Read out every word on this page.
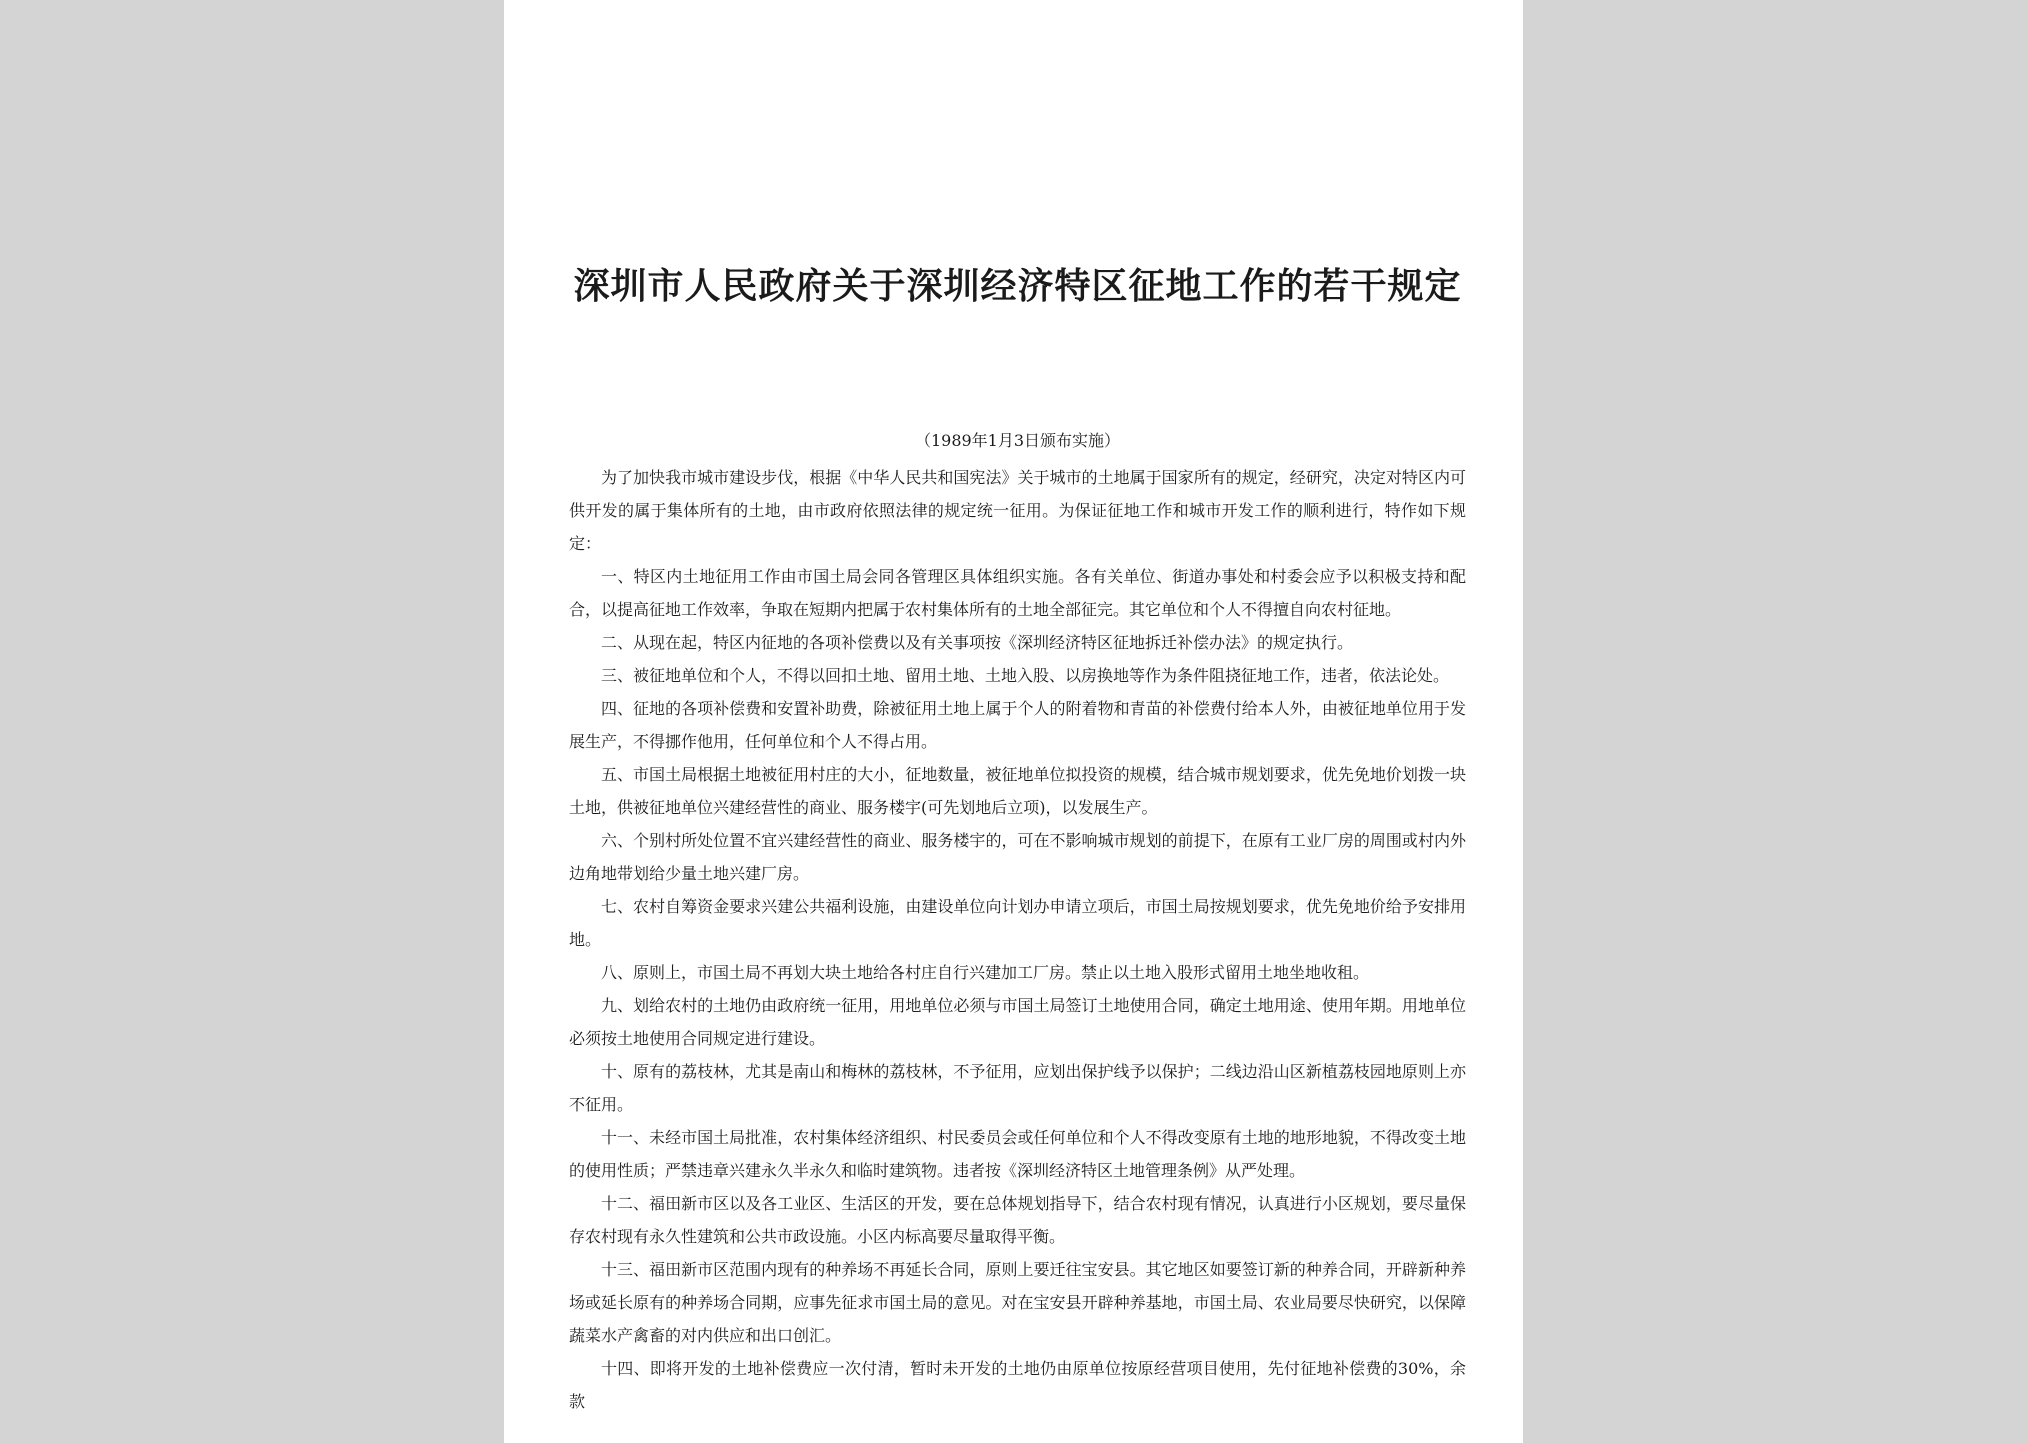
深圳市人民政府关于深圳经济特区征地工作的若干规定
（1989年1月3日颁布实施）

为了加快我市城市建设步伐，根据《中华人民共和国宪法》关于城市的土地属于国家所有的规定，经研究，决定对特区内可供开发的属于集体所有的土地，由市政府依照法律的规定统一征用。为保证征地工作和城市开发工作的顺利进行，特作如下规定：

一、特区内土地征用工作由市国土局会同各管理区具体组织实施。各有关单位、街道办事处和村委会应予以积极支持和配合，以提高征地工作效率，争取在短期内把属于农村集体所有的土地全部征完。其它单位和个人不得擅自向农村征地。

二、从现在起，特区内征地的各项补偿费以及有关事项按《深圳经济特区征地拆迁补偿办法》的规定执行。

三、被征地单位和个人，不得以回扣土地、留用土地、土地入股、以房换地等作为条件阻挠征地工作，违者，依法论处。

四、征地的各项补偿费和安置补助费，除被征用土地上属于个人的附着物和青苗的补偿费付给本人外，由被征地单位用于发展生产，不得挪作他用，任何单位和个人不得占用。

五、市国土局根据土地被征用村庄的大小，征地数量，被征地单位拟投资的规模，结合城市规划要求，优先免地价划拨一块土地，供被征地单位兴建经营性的商业、服务楼宇(可先划地后立项)，以发展生产。

六、个别村所处位置不宜兴建经营性的商业、服务楼宇的，可在不影响城市规划的前提下，在原有工业厂房的周围或村内外边角地带划给少量土地兴建厂房。

七、农村自筹资金要求兴建公共福利设施，由建设单位向计划办申请立项后，市国土局按规划要求，优先免地价给予安排用地。

八、原则上，市国土局不再划大块土地给各村庄自行兴建加工厂房。禁止以土地入股形式留用土地坐地收租。

九、划给农村的土地仍由政府统一征用，用地单位必须与市国土局签订土地使用合同，确定土地用途、使用年期。用地单位必须按土地使用合同规定进行建设。

十、原有的荔枝林，尤其是南山和梅林的荔枝林，不予征用，应划出保护线予以保护；二线边沿山区新植荔枝园地原则上亦不征用。

十一、未经市国土局批准，农村集体经济组织、村民委员会或任何单位和个人不得改变原有土地的地形地貌，不得改变土地的使用性质；严禁违章兴建永久半永久和临时建筑物。违者按《深圳经济特区土地管理条例》从严处理。

十二、福田新市区以及各工业区、生活区的开发，要在总体规划指导下，结合农村现有情况，认真进行小区规划，要尽量保存农村现有永久性建筑和公共市政设施。小区内标高要尽量取得平衡。

十三、福田新市区范围内现有的种养场不再延长合同，原则上要迁往宝安县。其它地区如要签订新的种养合同，开辟新种养场或延长原有的种养场合同期，应事先征求市国土局的意见。对在宝安县开辟种养基地，市国土局、农业局要尽快研究，以保障蔬菜水产禽畜的对内供应和出口创汇。

十四、即将开发的土地补偿费应一次付清，暂时未开发的土地仍由原单位按原经营项目使用，先付征地补偿费的30%，余款
